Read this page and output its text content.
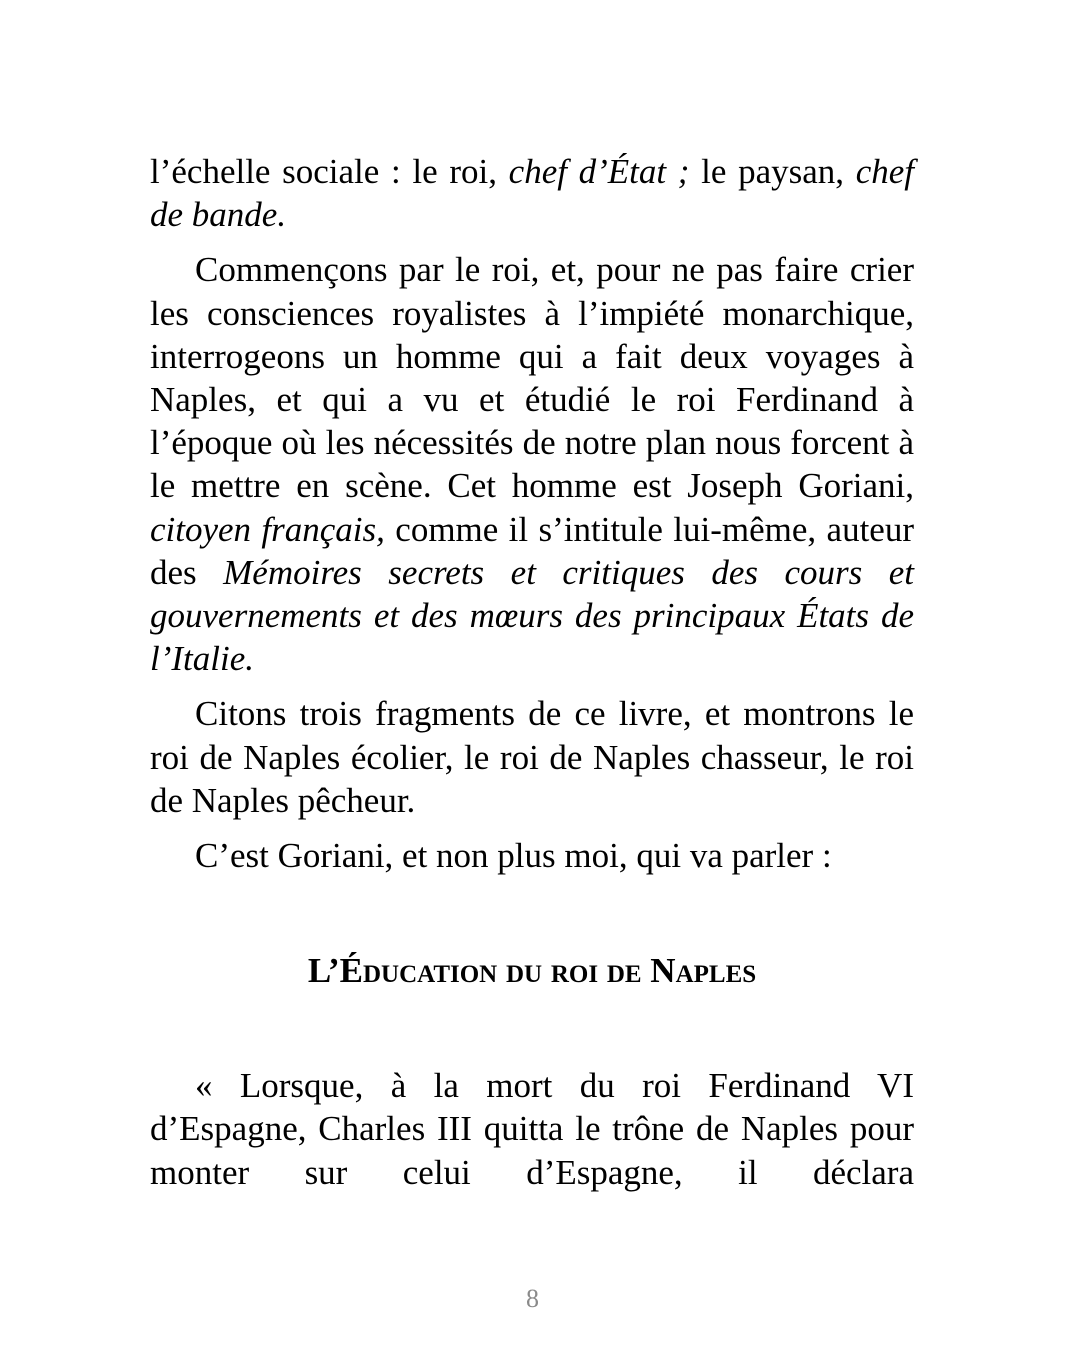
l’échelle sociale : le roi, chef d’État ; le paysan, chef de bande.

Commençons par le roi, et, pour ne pas faire crier les consciences royalistes à l’impiété monarchique, interrogeons un homme qui a fait deux voyages à Naples, et qui a vu et étudié le roi Ferdinand à l’époque où les nécessités de notre plan nous forcent à le mettre en scène. Cet homme est Joseph Goriani, citoyen français, comme il s’intitule lui-même, auteur des Mémoires secrets et critiques des cours et gouvernements et des mœurs des principaux États de l’Italie.

Citons trois fragments de ce livre, et montrons le roi de Naples écolier, le roi de Naples chasseur, le roi de Naples pêcheur.

C’est Goriani, et non plus moi, qui va parler :

L’Éducation du roi de Naples

« Lorsque, à la mort du roi Ferdinand VI d’Espagne, Charles III quitta le trône de Naples pour monter sur celui d’Espagne, il déclara

8
